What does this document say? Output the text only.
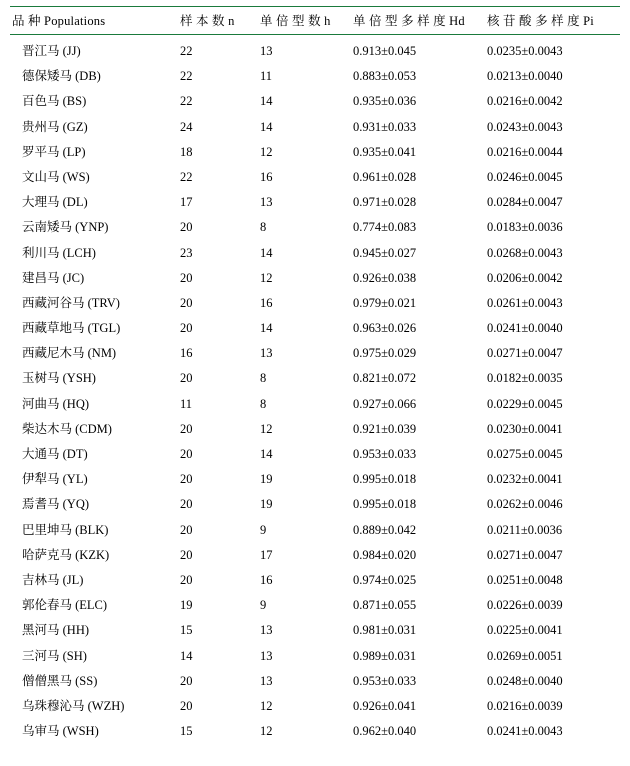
品 种 Populations	样 本 数 n	单 倍 型 数 h	单 倍 型 多 样 度 Hd	核 苷 酸 多 样 度 Pi
晋江马 (JJ)	22	13	0.913±0.045	0.0235±0.0043
德保矮马 (DB)	22	11	0.883±0.053	0.0213±0.0040
百色马 (BS)	22	14	0.935±0.036	0.0216±0.0042
贵州马 (GZ)	24	14	0.931±0.033	0.0243±0.0043
罗平马 (LP)	18	12	0.935±0.041	0.0216±0.0044
文山马 (WS)	22	16	0.961±0.028	0.0246±0.0045
大理马 (DL)	17	13	0.971±0.028	0.0284±0.0047
云南矮马 (YNP)	20	8	0.774±0.083	0.0183±0.0036
利川马 (LCH)	23	14	0.945±0.027	0.0268±0.0043
建昌马 (JC)	20	12	0.926±0.038	0.0206±0.0042
西藏河谷马 (TRV)	20	16	0.979±0.021	0.0261±0.0043
西藏草地马 (TGL)	20	14	0.963±0.026	0.0241±0.0040
西藏尼木马 (NM)	16	13	0.975±0.029	0.0271±0.0047
玉树马 (YSH)	20	8	0.821±0.072	0.0182±0.0035
河曲马 (HQ)	11	8	0.927±0.066	0.0229±0.0045
柴达木马 (CDM)	20	12	0.921±0.039	0.0230±0.0041
大通马 (DT)	20	14	0.953±0.033	0.0275±0.0045
伊犁马 (YL)	20	19	0.995±0.018	0.0232±0.0041
焉耆马 (YQ)	20	19	0.995±0.018	0.0262±0.0046
巴里坤马 (BLK)	20	9	0.889±0.042	0.0211±0.0036
哈萨克马 (KZK)	20	17	0.984±0.020	0.0271±0.0047
吉林马 (JL)	20	16	0.974±0.025	0.0251±0.0048
郭伦春马 (ELC)	19	9	0.871±0.055	0.0226±0.0039
黑河马 (HH)	15	13	0.981±0.031	0.0225±0.0041
三河马 (SH)	14	13	0.989±0.031	0.0269±0.0051
僧僧黑马 (SS)	20	13	0.953±0.033	0.0248±0.0040
乌珠穆沁马 (WZH)	20	12	0.926±0.041	0.0216±0.0039
乌审马 (WSH)	15	12	0.962±0.040	0.0241±0.0043
